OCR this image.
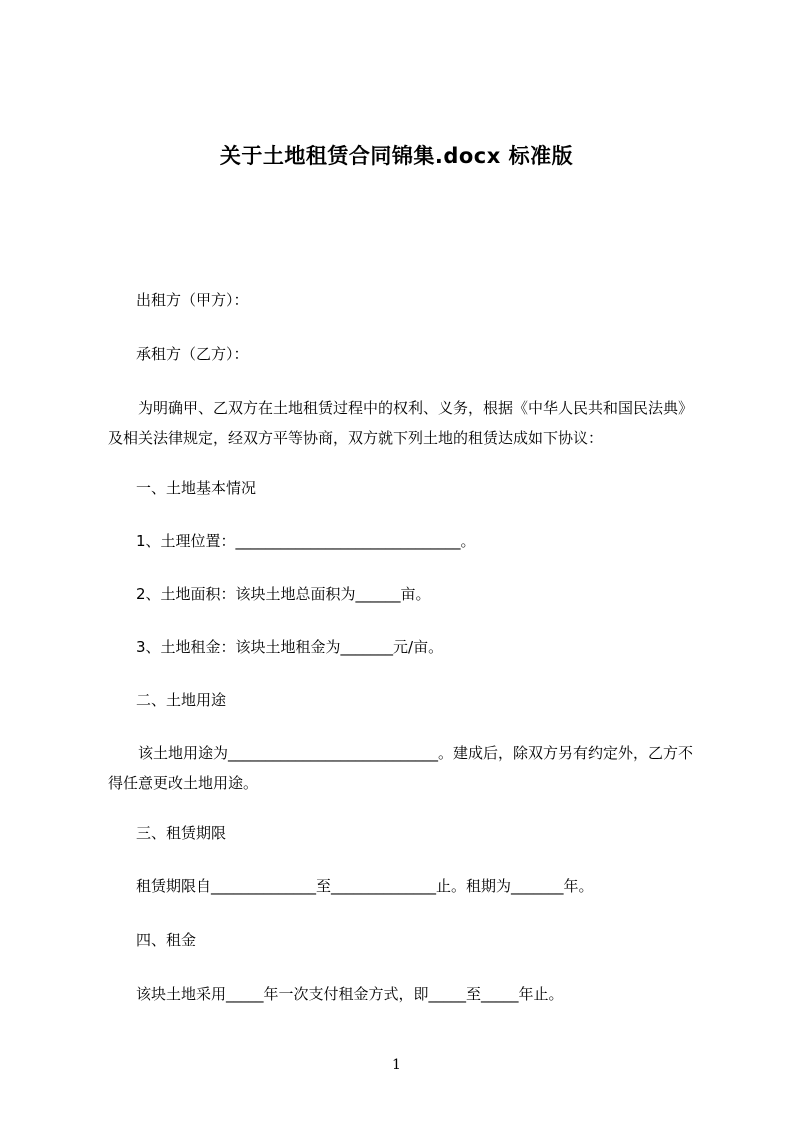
关于土地租赁合同锦集.docx 标准版
出租方（甲方）：
承租方（乙方）：
为明确甲、乙双方在土地租赁过程中的权利、义务，根据《中华人民共和国民法典》及相关法律规定，经双方平等协商，双方就下列土地的租赁达成如下协议：
一、土地基本情况
1、土理位置：______________________________。
2、土地面积：该块土地总面积为______亩。
3、土地租金：该块土地租金为_______元/亩。
二、土地用途
该土地用途为____________________________。建成后，除双方另有约定外，乙方不得任意更改土地用途。
三、租赁期限
租赁期限自______________至______________止。租期为_______年。
四、租金
该块土地采用_____年一次支付租金方式，即_____至_____年止。
1
